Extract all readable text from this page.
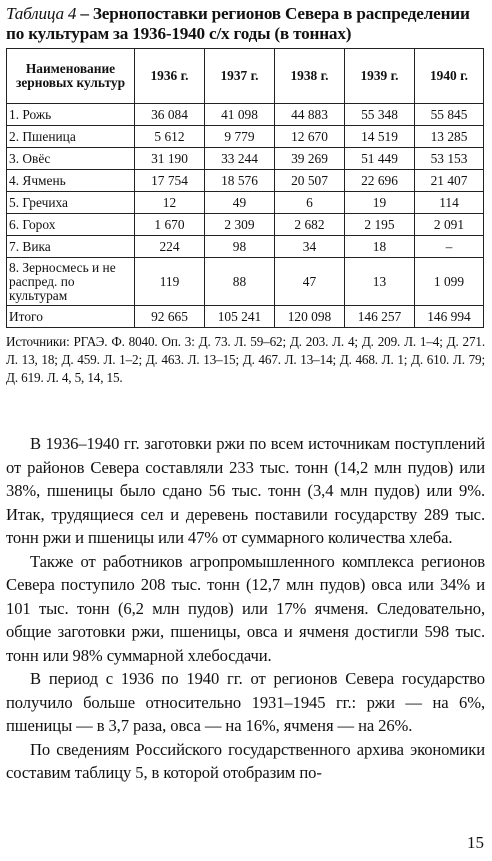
Таблица 4 – Зернопоставки регионов Севера в распределении по культурам за 1936-1940 с/х годы (в тоннах)
Наименование зерновых культур	1936 г.	1937 г.	1938 г.	1939 г.	1940 г.
1. Рожь	36 084	41 098	44 883	55 348	55 845
2. Пшеница	5 612	9 779	12 670	14 519	13 285
3. Овёс	31 190	33 244	39 269	51 449	53 153
4. Ячмень	17 754	18 576	20 507	22 696	21 407
5. Гречиха	12	49	6	19	114
6. Горох	1 670	2 309	2 682	2 195	2 091
7. Вика	224	98	34	18	–
8. Зерносмесь и не распред. по культурам	119	88	47	13	1 099
Итого	92 665	105 241	120 098	146 257	146 994
Источники: РГАЭ. Ф. 8040. Оп. 3: Д. 73. Л. 59–62; Д. 203. Л. 4; Д. 209. Л. 1–4; Д. 271. Л. 13, 18; Д. 459. Л. 1–2; Д. 463. Л. 13–15; Д. 467. Л. 13–14; Д. 468. Л. 1; Д. 610. Л. 79; Д. 619. Л. 4, 5, 14, 15.

В 1936–1940 гг. заготовки ржи по всем источникам поступлений от районов Севера составляли 233 тыс. тонн (14,2 млн пудов) или 38%, пшеницы было сдано 56 тыс. тонн (3,4 млн пудов) или 9%. Итак, трудящиеся сел и деревень поставили государству 289 тыс. тонн ржи и пшеницы или 47% от суммарного количества хлеба.

Также от работников агропромышленного комплекса регионов Севера поступило 208 тыс. тонн (12,7 млн пудов) овса или 34% и 101 тыс. тонн (6,2 млн пудов) или 17% ячменя. Следовательно, общие заготовки ржи, пшеницы, овса и ячменя достигли 598 тыс. тонн или 98% суммарной хлебосдачи.

В период с 1936 по 1940 гг. от регионов Севера государство получило больше относительно 1931–1945 гг.: ржи — на 6%, пшеницы — в 3,7 раза, овса — на 16%, ячменя — на 26%.

По сведениям Российского государственного архива экономики составим таблицу 5, в которой отобразим по-

15
